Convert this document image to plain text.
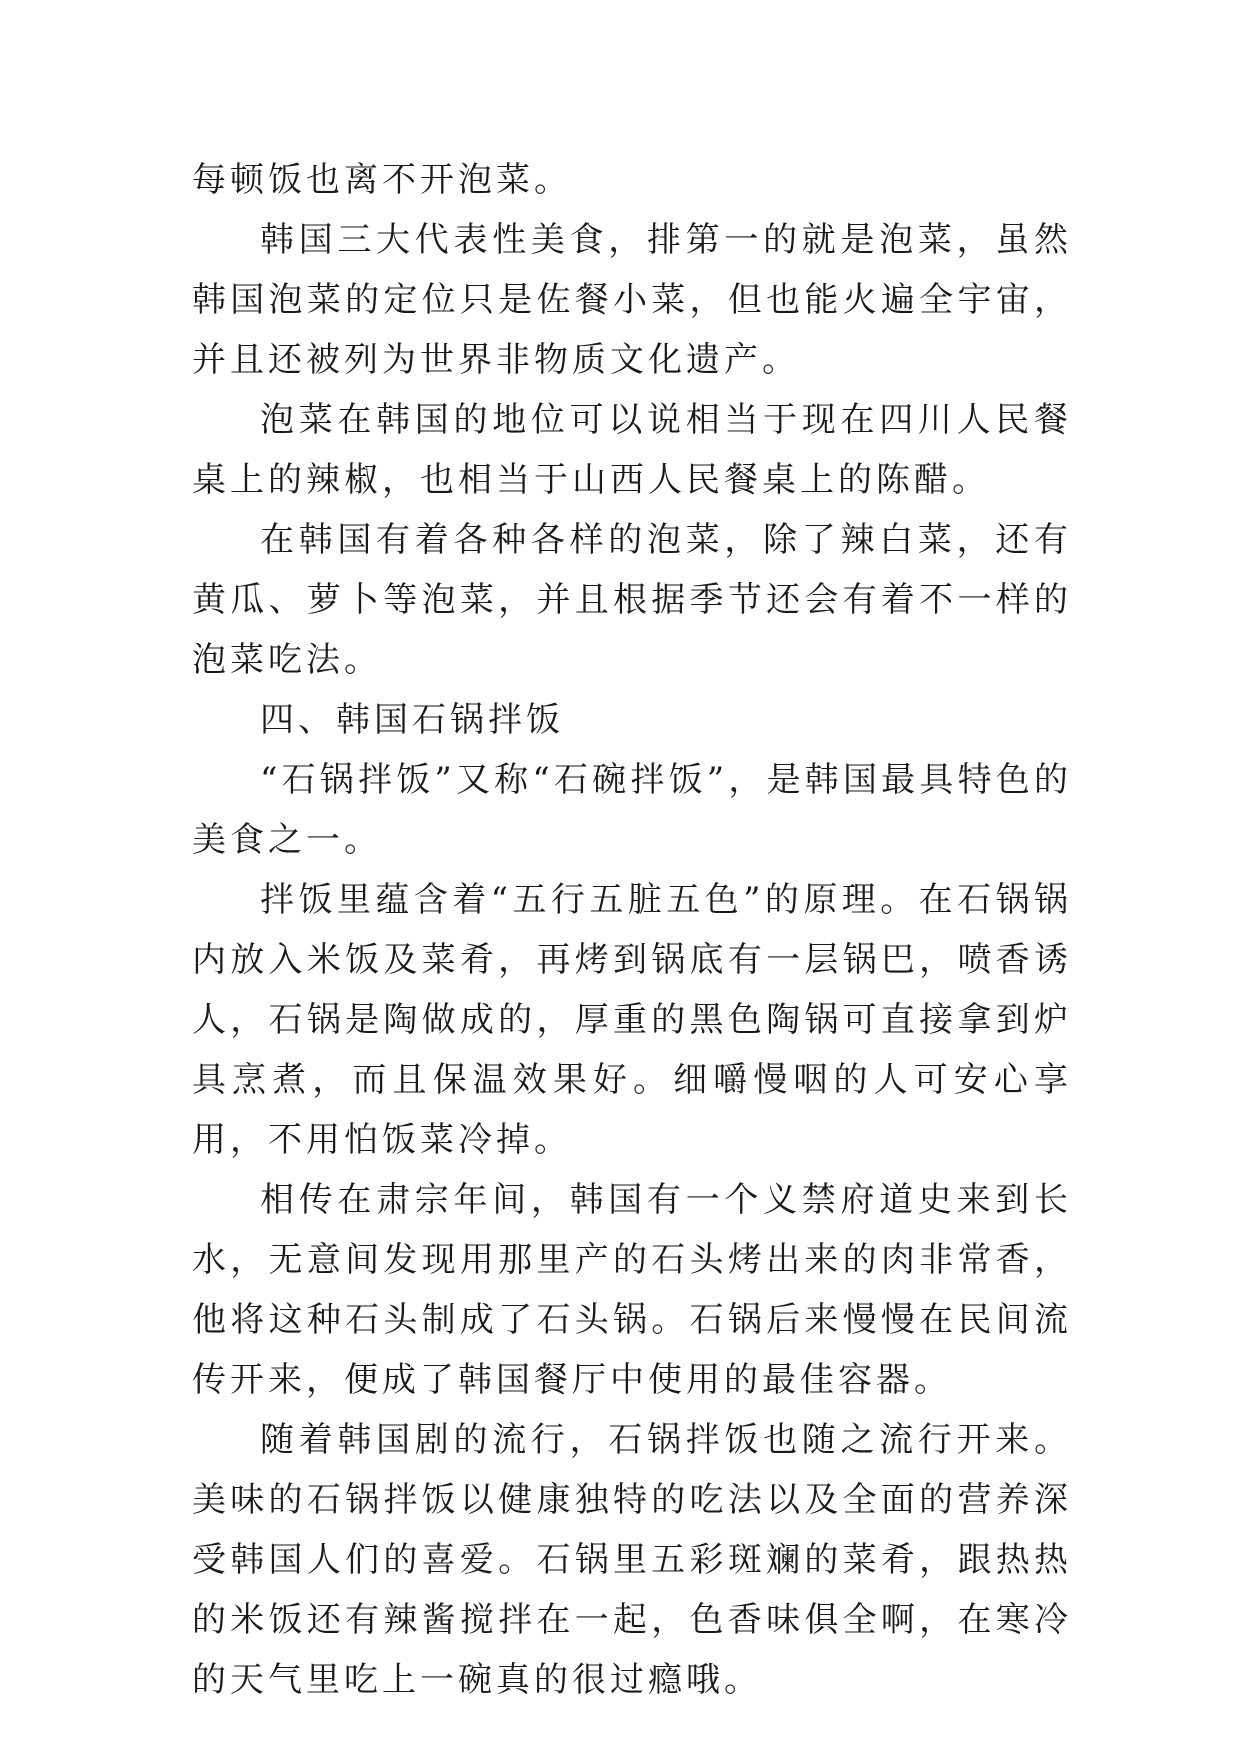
每顿饭也离不开泡菜。

韩国三大代表性美食，排第一的就是泡菜，虽然韩国泡菜的定位只是佐餐小菜，但也能火遍全宇宙，并且还被列为世界非物质文化遗产。

泡菜在韩国的地位可以说相当于现在四川人民餐桌上的辣椒，也相当于山西人民餐桌上的陈醋。

在韩国有着各种各样的泡菜，除了辣白菜，还有黄瓜、萝卜等泡菜，并且根据季节还会有着不一样的泡菜吃法。

四、韩国石锅拌饭

“石锅拌饭”又称“石碗拌饭”，是韩国最具特色的美食之一。

拌饭里蕴含着“五行五脏五色”的原理。在石锅锅内放入米饭及菜肴，再烤到锅底有一层锅巴，喷香诱人，石锅是陶做成的，厚重的黑色陶锅可直接拿到炉具烹煮，而且保温效果好。细嚼慢咽的人可安心享用，不用怕饭菜冷掉。

相传在肃宗年间，韩国有一个义禁府道史来到长水，无意间发现用那里产的石头烤出来的肉非常香，他将这种石头制成了石头锅。石锅后来慢慢在民间流传开来，便成了韩国餐厅中使用的最佳容器。

随着韩国剧的流行，石锅拌饭也随之流行开来。美味的石锅拌饭以健康独特的吃法以及全面的营养深受韩国人们的喜爱。石锅里五彩斑斓的菜肴，跟热热的米饭还有辣酱搅拌在一起，色香味俱全啊，在寒冷的天气里吃上一碗真的很过瘾哦。
